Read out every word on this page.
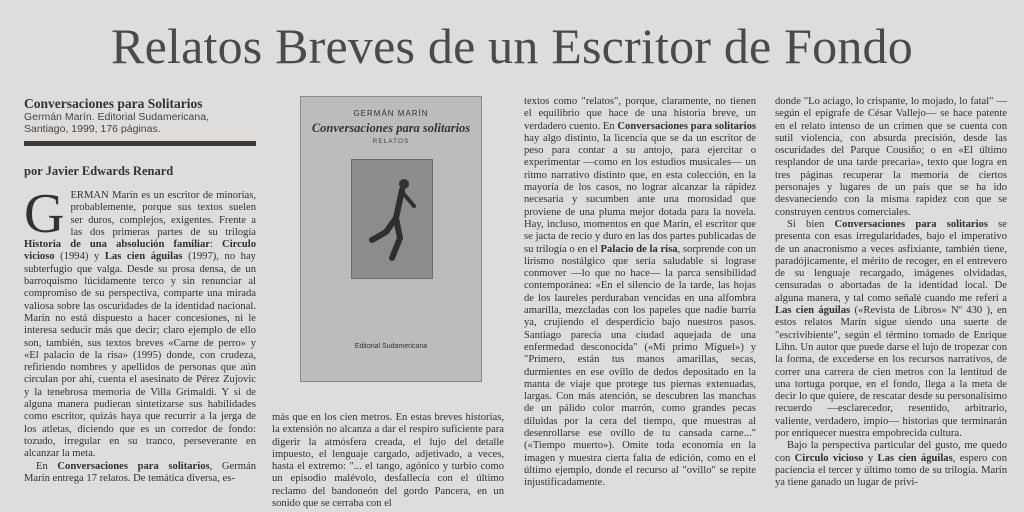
Relatos Breves de un Escritor de Fondo
Conversaciones para Solitarios
Germán Marín. Editorial Sudamericana, Santiago, 1999, 176 páginas.
por Javier Edwards Renard

GERMAN Marín es un escritor de minorías, probablemente, porque sus textos suelen ser duros, complejos, exigentes. Frente a las dos primeras partes de su trilogía Historia de una absolución familiar: Circulo vicioso (1994) y Las cien águilas (1997), no hay subterfugio que valga. Desde su prosa densa, de un barroquismo lúcidamente terco y sin renunciar al compromiso de su perspectiva, comparte una mirada valiosa sobre las oscuridades de la identidad nacional. Marín no está dispuesto a hacer concesiones, ni le interesa seducir más que decir; claro ejemplo de ello son, también, sus textos breves «Carne de perro» y «El palacio de la risa» (1995) donde, con crudeza, refiriendo nombres y apellidos de personas que aún circulan por ahí, cuenta el asesinato de Pérez Zujovic y la tenebrosa memoria de Villa Grimaldi. Y si de alguna manera pudieran sintetizarse sus habilidades como escritor, quizás haya que recurrir a la jerga de los atletas, diciendo que es un corredor de fondo: tozudo, irregular en su tranco, perseverante en alcanzar la meta.

En Conversaciones para solitarios, Germán Marín entrega 17 relatos. De temática diversa, es-

GERMÁN MARÍN
Conversaciones para solitarios
RELATOS
Editorial Sudamericana

más que en los cien metros. En estas breves historias, la extensión no alcanza a dar el respiro suficiente para digerir la atmósfera creada, el lujo del detalle impuesto, el lenguaje cargado, adjetivado, a veces, hasta el extremo: "... el tango, agónico y turbio como un episodio malévolo, desfallecía con el último reclamo del bandoneón del gordo Pancera, en un sonido que se cerraba con el

textos como "relatos", porque, claramente, no tienen el equilibrio que hace de una historia breve, un verdadero cuento. En Conversaciones para solitarios hay algo distinto, la licencia que se da un escritor de peso para contar a su antojo, para ejercitar o experimentar —como en los estudios musicales— un ritmo narrativo distinto que, en esta colección, en la mayoría de los casos, no lograr alcanzar la rápidez necesaria y sucumben ante una morosidad que proviene de una pluma mejor dotada para la novela. Hay, incluso, momentos en que Marín, el escritor que se jacta de recio y duro en las dos partes publicadas de su trilogía o en el Palacio de la risa, sorprende con un lirismo nostálgico que sería saludable si lograse conmover —lo que no hace— la parca sensibilidad contemporánea: «En el silencio de la tarde, las hojas de los laureles perduraban vencidas en una alfombra amarilla, mezcladas con los papeles que nadie barría ya, crujiendo el desperdicio bajo nuestros pasos. Santiago parecía una ciudad aquejada de una enfermedad desconocida" («Mi primo Miguel») y "Primero, están tus manos amarillas, secas, durmientes en ese ovillo de dedos depositado en la manta de viaje que protege tus piernas extenuadas, largas. Con más atención, se descubren las manchas de un pálido color marrón, como grandes pecas diluidas por la cera del tiempo, que muestras al desenrollarse ese ovillo de tu cansada carne..." («Tiempo muerto»). Omite toda economía en la imagen y muestra cierta falta de edición, como en el último ejemplo, donde el recurso al "ovillo" se repite injustificadamente.

donde "Lo aciago, lo crispante, lo mojado, lo fatal" —según el epígrafe de César Vallejo— se hace patente en el relato intenso de un crimen que se cuenta con sutil violencia, con absurda precisión, desde las oscuridades del Parque Cousiño; o en «El último resplandor de una tarde precaria», texto que logra en tres páginas recuperar la memoria de ciertos personajes y lugares de un país que se ha ido desvaneciendo con la misma rapidez con que se construyen centros comerciales.

Si bien Conversaciones para solitarios se presenta con esas irregularidades, bajo el imperativo de un anacronismo a veces asfixiante, también tiene, paradójicamente, el mérito de recoger, en el entrevero de su lenguaje recargado, imágenes olvidadas, censuradas o abortadas de la identidad local. De alguna manera, y tal como señalé cuando me referí a Las cien águilas («Revista de Libros» Nº 430 ), en estos relatos Marín sigue siendo una suerte de "escrivibiente", según el término tomado de Enrique Lihn. Un autor que puede darse el lujo de tropezar con la forma, de excederse en los recursos narrativos, de correr una carrera de cien metros con la lentitud de una tortuga porque, en el fondo, llega a la meta de decir lo que quiere, de rescatar desde su personalísimo recuerdo —esclarecedor, resentido, arbitrario, valiente, verdadero, impío— historias que terminarán por enriquecer nuestra empobrecida cultura.

Bajo la perspectiva particular del gusto, me quedo con Circulo vicioso y Las cien águilas, espero con paciencia el tercer y último tomo de su trilogía. Marín ya tiene ganado un lugar de privi-
